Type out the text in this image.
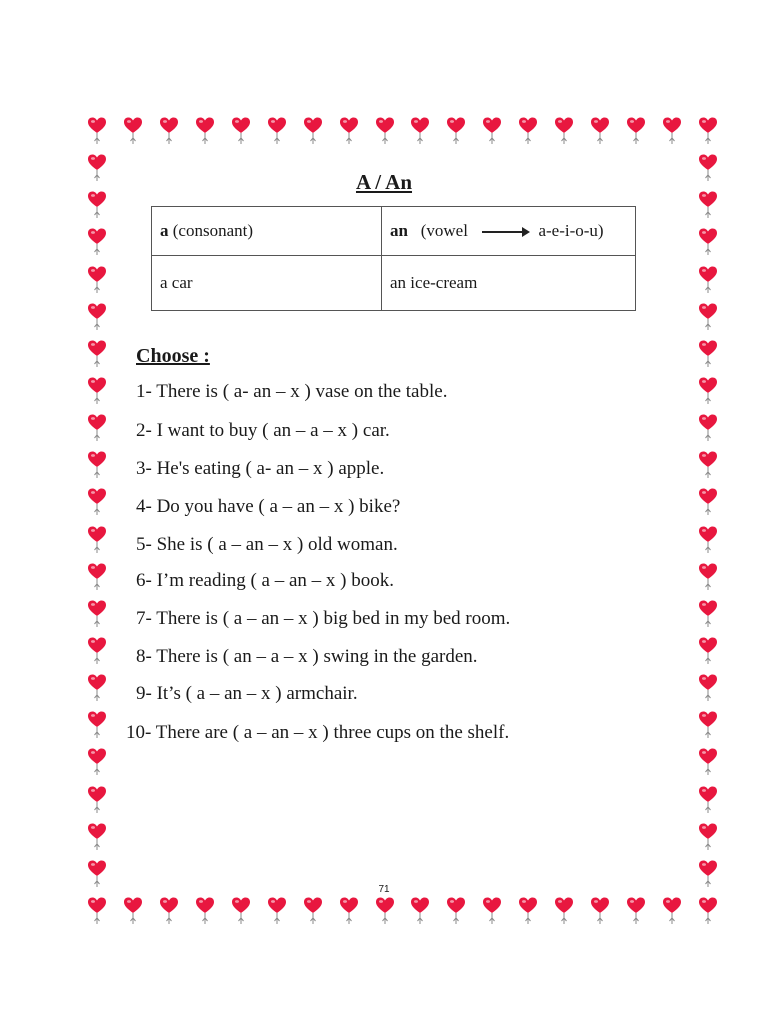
A / An
a (consonant)	an (vowel a-e-i-o-u)
a car	an ice-cream
Choose :
1- There is ( a- an – x ) vase on the table.
2- I want to buy ( an – a – x ) car.
3- He's eating ( a- an – x ) apple.
4- Do you have ( a – an – x ) bike?
5- She is ( a – an – x ) old woman.
6- I’m reading ( a – an – x ) book.
7- There is ( a – an – x ) big bed in my bed room.
8- There is ( an – a – x ) swing in the garden.
9- It’s ( a – an – x ) armchair.
10- There are ( a – an – x ) three cups on the shelf.
71
